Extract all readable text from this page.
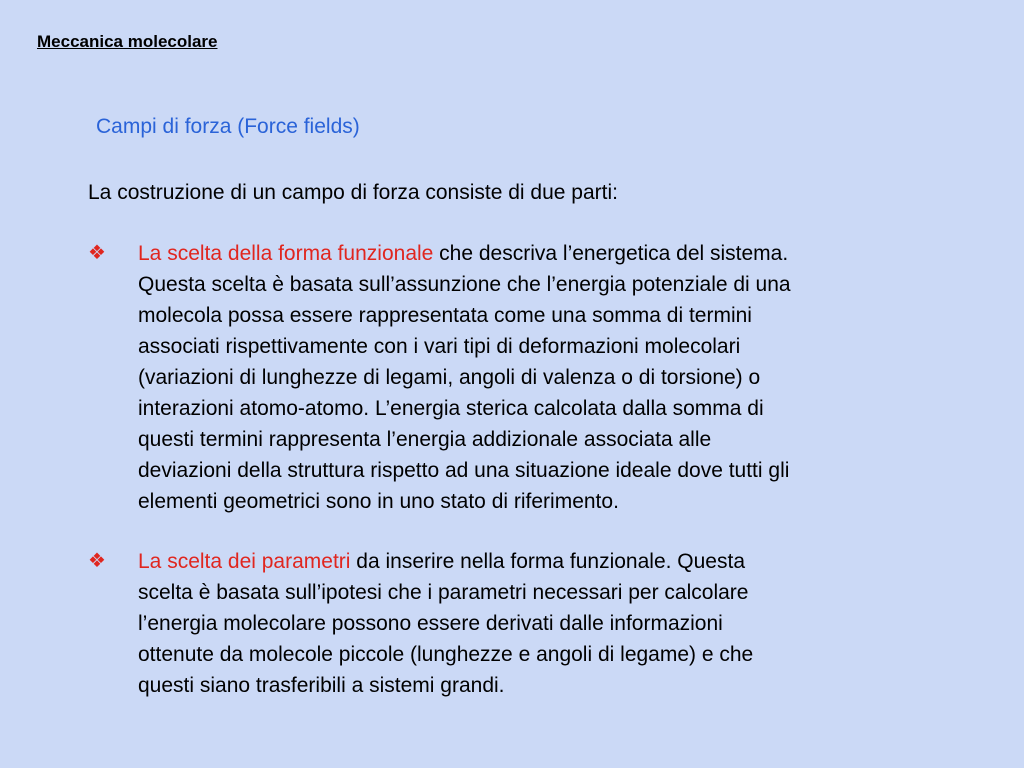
Meccanica molecolare
Campi di forza (Force fields)
La costruzione di un campo di forza consiste di due parti:
❖ La scelta della forma funzionale che descriva l’energetica del sistema.
Questa scelta è basata sull’assunzione che l’energia potenziale di una
molecola possa essere rappresentata come una somma di termini
associati rispettivamente con i vari tipi di deformazioni molecolari
(variazioni di lunghezze di legami, angoli di valenza o di torsione) o
interazioni atomo-atomo. L’energia sterica calcolata dalla somma di
questi termini rappresenta l’energia addizionale associata alle
deviazioni della struttura rispetto ad una situazione ideale dove tutti gli
elementi geometrici sono in uno stato di riferimento.
❖ La scelta dei parametri da inserire nella forma funzionale. Questa
scelta è basata sull’ipotesi che i parametri necessari per calcolare
l’energia molecolare possono essere derivati dalle informazioni
ottenute da molecole piccole (lunghezze e angoli di legame) e che
questi siano trasferibili a sistemi grandi.
